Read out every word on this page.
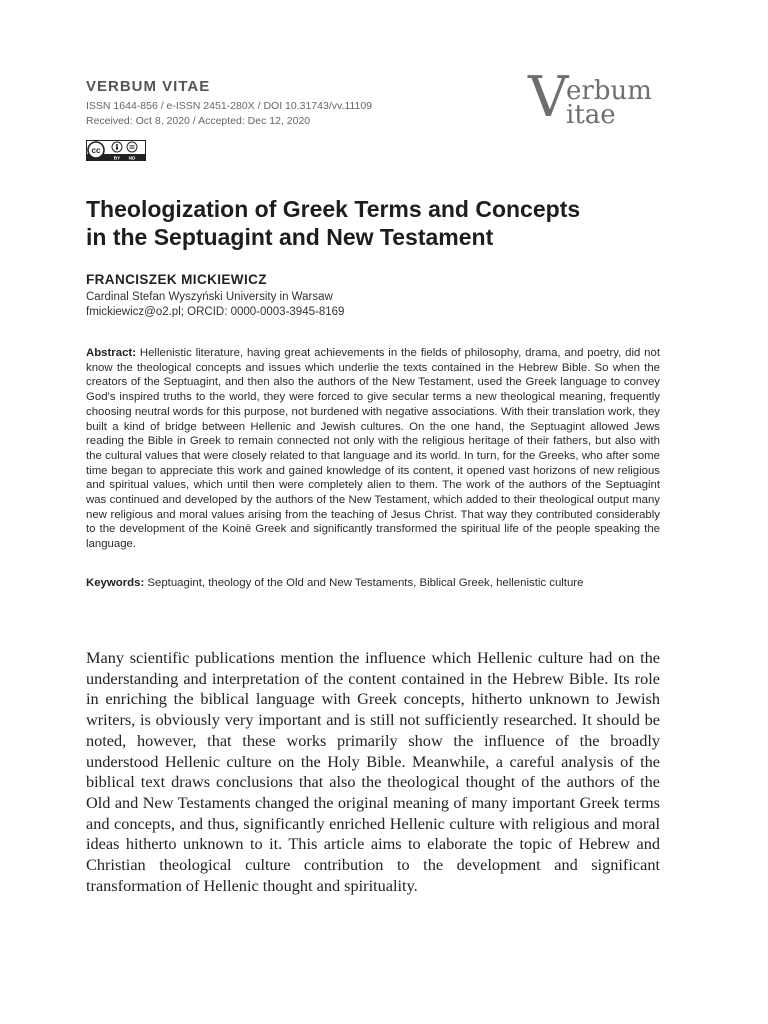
VERBUM VITAE
ISSN 1644-856 / e-ISSN 2451-280X / DOI 10.31743/vv.11109
Received: Oct 8, 2020 / Accepted: Dec 12, 2020	V
erbum
itae
cc
BY ND
Theologization of Greek Terms and Concepts
in the Septuagint and New Testament
FRANCISZEK MICKIEWICZ
Cardinal Stefan Wyszyński University in Warsaw
fmickiewicz@o2.pl; ORCID: 0000-0003-3945-8169

Abstract: Hellenistic literature, having great achievements in the fields of philosophy, drama, and poetry, did not know the theological concepts and issues which underlie the texts contained in the Hebrew Bible. So when the creators of the Septuagint, and then also the authors of the New Testament, used the Greek language to convey God's inspired truths to the world, they were forced to give secular terms a new theological meaning, frequently choosing neutral words for this purpose, not burdened with negative associations. With their translation work, they built a kind of bridge between Hellenic and Jewish cultures. On the one hand, the Septuagint allowed Jews reading the Bible in Greek to remain connected not only with the religious heritage of their fathers, but also with the cultural values that were closely related to that language and its world. In turn, for the Greeks, who after some time began to appreciate this work and gained knowledge of its content, it opened vast horizons of new religious and spiritual values, which until then were completely alien to them. The work of the authors of the Septuagint was continued and developed by the authors of the New Testament, which added to their theological output many new religious and moral values arising from the teaching of Jesus Christ. That way they contributed considerably to the development of the Koinē Greek and significantly transformed the spiritual life of the people speaking the language.

Keywords: Septuagint, theology of the Old and New Testaments, Biblical Greek, hellenistic culture

Many scientific publications mention the influence which Hellenic culture had on the understanding and interpretation of the content contained in the Hebrew Bible. Its role in enriching the biblical language with Greek concepts, hitherto unknown to Jewish writers, is obviously very important and is still not sufficiently researched. It should be noted, however, that these works primarily show the influence of the broadly understood Hellenic culture on the Holy Bible. Meanwhile, a careful analysis of the biblical text draws conclusions that also the theological thought of the authors of the Old and New Testaments changed the original meaning of many important Greek terms and concepts, and thus, significantly enriched Hellenic culture with religious and moral ideas hitherto unknown to it. This article aims to elaborate the topic of Hebrew and Christian theological culture contribution to the development and significant transformation of Hellenic thought and spirituality.
